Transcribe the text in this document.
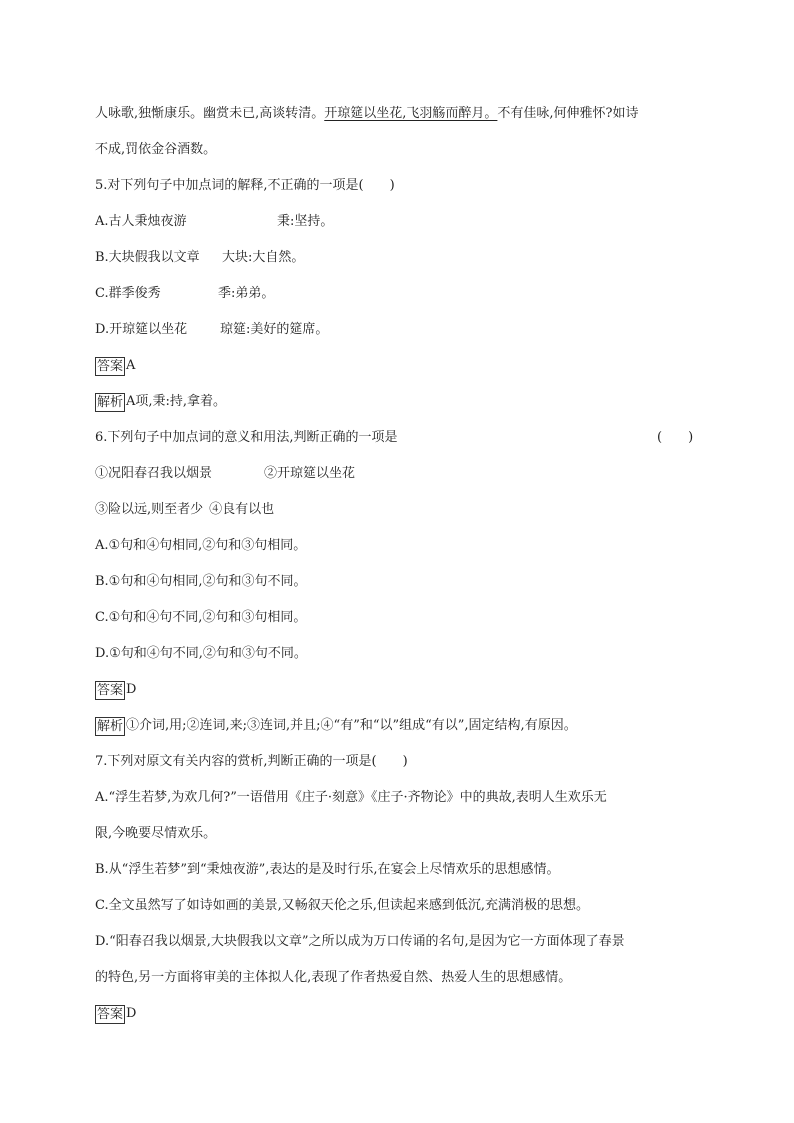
人咏歌,独惭康乐。幽赏未已,高谈转清。开琼筵以坐花,飞羽觞而醉月。不有佳咏,何伸雅怀?如诗
不成,罚依金谷酒数。
5.对下列句子中加点词的解释,不正确的一项是(　　)
A.古人秉烛夜游	秉:坚持。
B.大块假我以文章 大块:大自然。
C.群季俊秀	季:弟弟。
D.开琼筵以坐花	琼筵:美好的筵席。
答案 A
解析 A项,秉:持,拿着。
6.下列句子中加点词的意义和用法,判断正确的一项是	(　　)
①况阳春召我以烟景	②开琼筵以坐花
③险以远,则至者少 ④良有以也
A.①句和④句相同,②句和③句相同。
B.①句和④句相同,②句和③句不同。
C.①句和④句不同,②句和③句相同。
D.①句和④句不同,②句和③句不同。
答案 D
解析 ①介词,用;②连词,来;③连词,并且;④“有”和“以”组成“有以”,固定结构,有原因。
7.下列对原文有关内容的赏析,判断正确的一项是(　　)
A.“浮生若梦,为欢几何?”一语借用《庄子·刻意》《庄子·齐物论》中的典故,表明人生欢乐无
限,今晚要尽情欢乐。
B.从“浮生若梦”到“秉烛夜游”,表达的是及时行乐,在宴会上尽情欢乐的思想感情。
C.全文虽然写了如诗如画的美景,又畅叙天伦之乐,但读起来感到低沉,充满消极的思想。
D.“阳春召我以烟景,大块假我以文章”之所以成为万口传诵的名句,是因为它一方面体现了春景
的特色,另一方面将审美的主体拟人化,表现了作者热爱自然、热爱人生的思想感情。
答案 D
